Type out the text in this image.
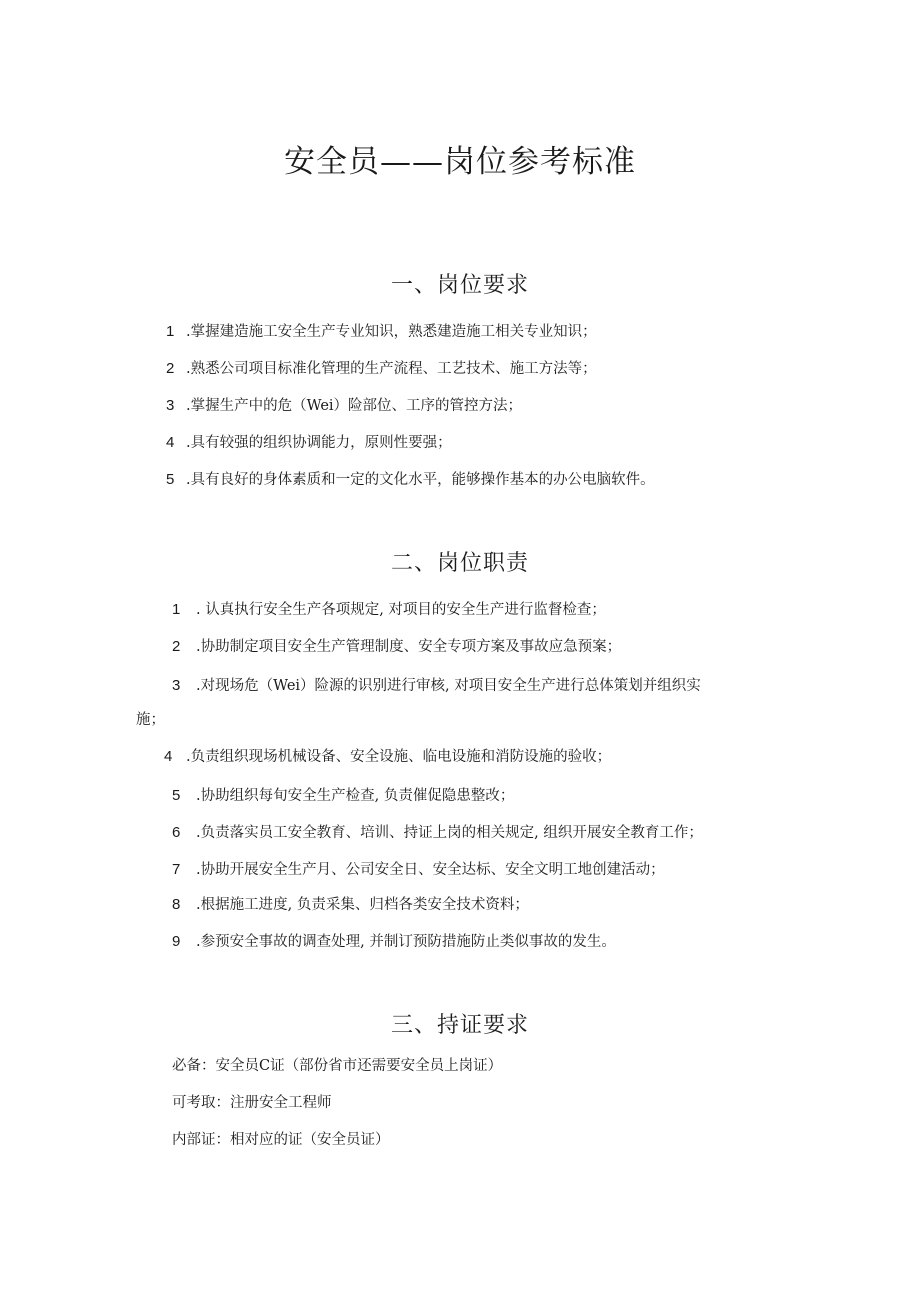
安全员——岗位参考标准
一、岗位要求
1 .掌握建造施工安全生产专业知识，熟悉建造施工相关专业知识；
2 .熟悉公司项目标准化管理的生产流程、工艺技术、施工方法等；
3 .掌握生产中的危（Wei）险部位、工序的管控方法；
4 .具有较强的组织协调能力，原则性要强；
5 .具有良好的身体素质和一定的文化水平，能够操作基本的办公电脑软件。
二、岗位职责
1 . 认真执行安全生产各项规定, 对项目的安全生产进行监督检查；
2 .协助制定项目安全生产管理制度、安全专项方案及事故应急预案；
3 .对现场危（Wei）险源的识别进行审核, 对项目安全生产进行总体策划并组织实
施；
4 .负责组织现场机械设备、安全设施、临电设施和消防设施的验收；
5 .协助组织每旬安全生产检查, 负责催促隐患整改；
6 .负责落实员工安全教育、培训、持证上岗的相关规定, 组织开展安全教育工作；
7 .协助开展安全生产月、公司安全日、安全达标、安全文明工地创建活动；
8 .根据施工进度, 负责采集、归档各类安全技术资料；
9 .参预安全事故的调查处理, 并制订预防措施防止类似事故的发生。
三、持证要求
必备：安全员C证（部份省市还需要安全员上岗证）
可考取：注册安全工程师
内部证：相对应的证（安全员证）
